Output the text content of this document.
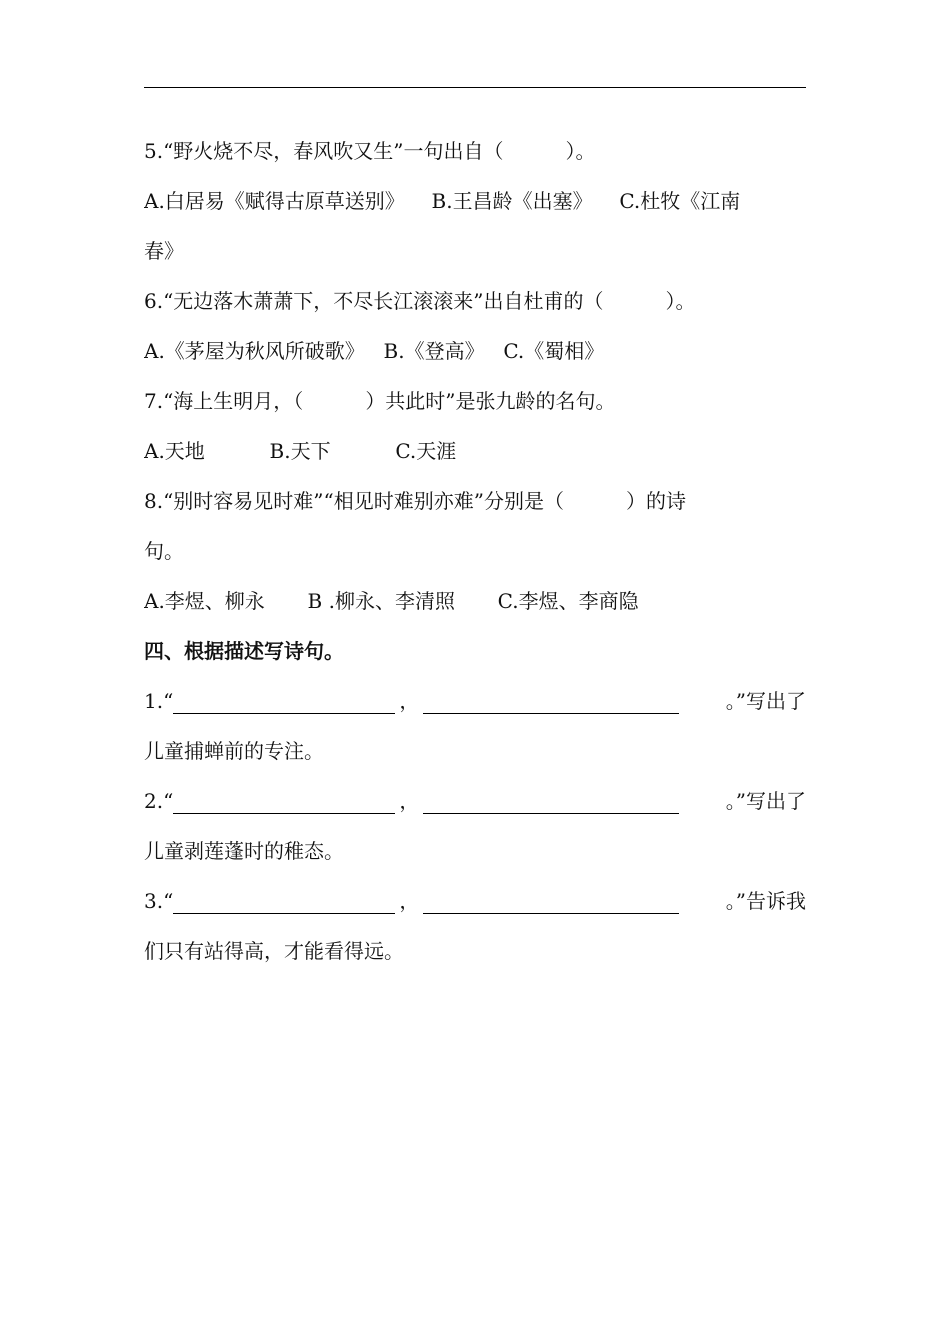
5.“野火烧不尽，春风吹又生”一句出自（	）。
A.白居易《赋得古原草送别》 B.王昌龄《出塞》 C.杜牧《江南
春》
6.“无边落木萧萧下，不尽长江滚滚来”出自杜甫的（	）。
A.《茅屋为秋风所破歌》 B.《登高》 C.《蜀相》
7.“海上生明月，（	）共此时”是张九龄的名句。
A.天地	B.天下	C.天涯
8.“别时容易见时难”“相见时难别亦难”分别是（	）的诗
句。
A.李煜、柳永 B .柳永、李清照 C.李煜、李商隐
四、根据描述写诗句。
1.“	，	。”写出了
儿童捕蝉前的专注。
2.“	，	。”写出了
儿童剥莲蓬时的稚态。
3.“	，	。”告诉我
们只有站得高，才能看得远。
